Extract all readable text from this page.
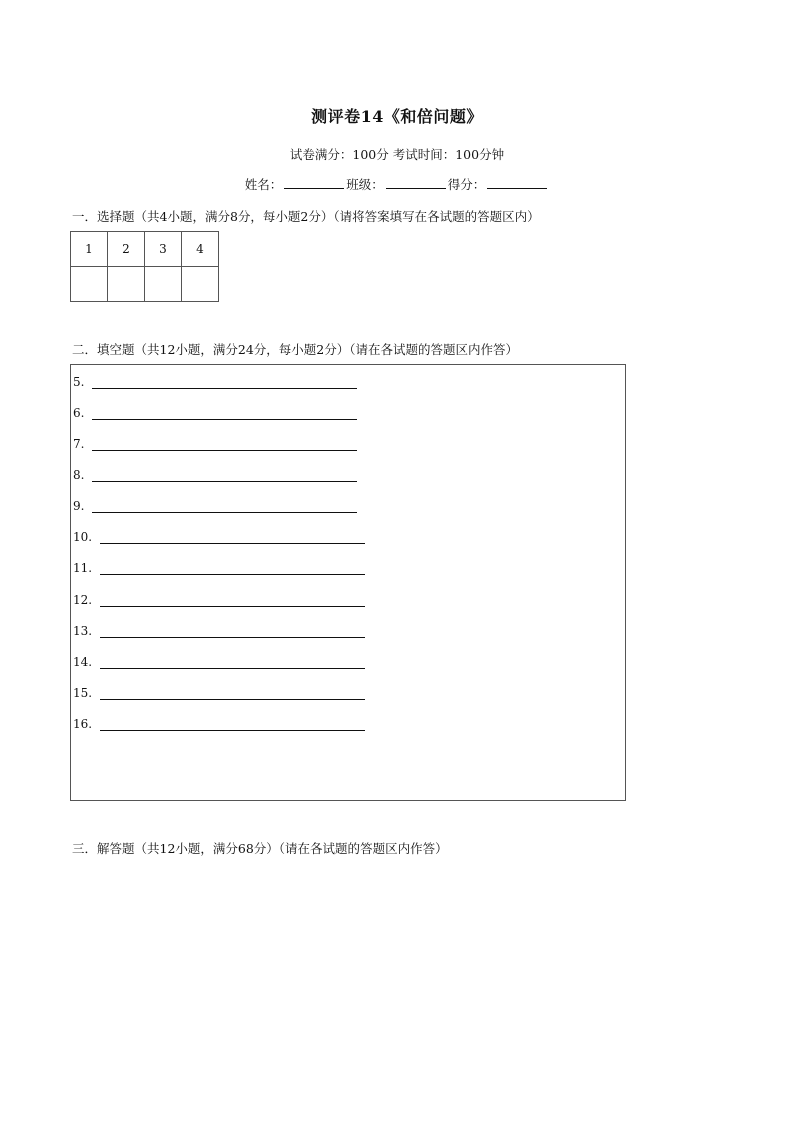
测评卷14《和倍问题》
试卷满分：100分 考试时间：100分钟
姓名：	班级：	得分：
一．选择题（共4小题，满分8分，每小题2分）（请将答案填写在各试题的答题区内）
1	2	3	4

二．填空题（共12小题，满分24分，每小题2分）（请在各试题的答题区内作答）
5.
6.
7.
8.
9.
10.
11.
12.
13.
14.
15.
16.
三．解答题（共12小题，满分68分）（请在各试题的答题区内作答）
